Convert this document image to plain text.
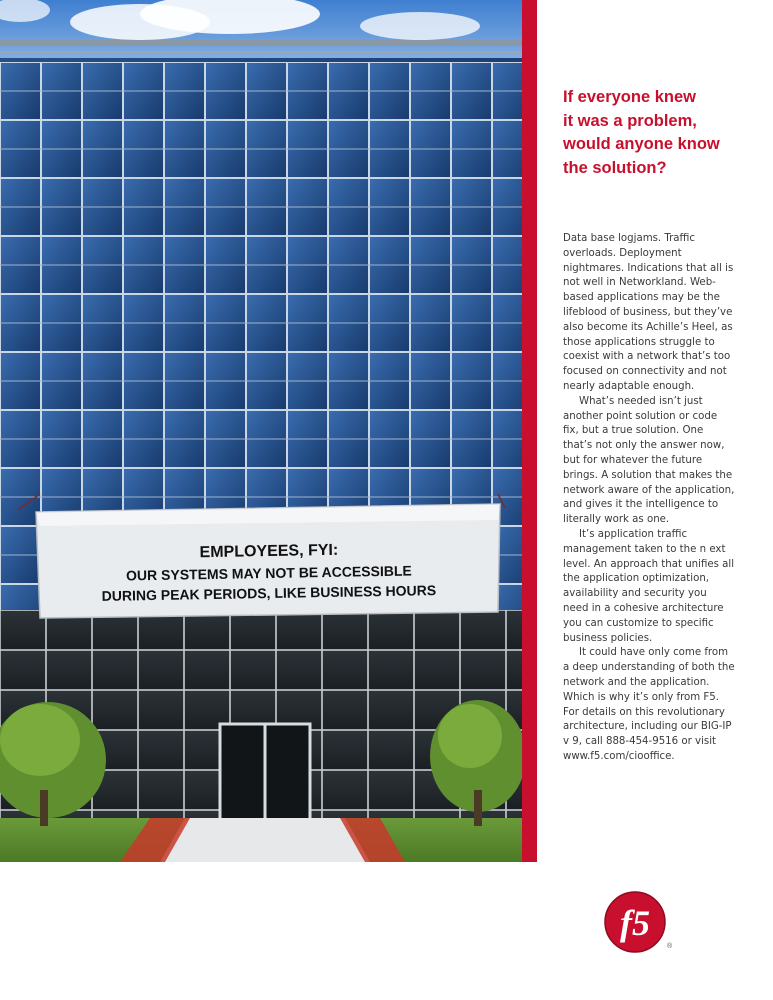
EMPLOYEES, FYI:
OUR SYSTEMS MAY NOT BE ACCESSIBLE
DURING PEAK PERIODS, LIKE BUSINESS HOURS
If everyone knew
it was a problem,
would anyone know
the solution?

Data base logjams. Traffic overloads. Deployment nightmares. Indications that all is not well in Networkland. Web-based applications may be the lifeblood of business, but they’ve also become its Achille’s Heel, as those applications struggle to coexist with a network that’s too focused on connectivity and not nearly adaptable enough.

What’s needed isn’t just another point solution or code fix, but a true solution. One that’s not only the answer now, but for whatever the future brings. A solution that makes the network aware of the application, and gives it the intelligence to literally work as one.

It’s application traffic management taken to the n ext level. An approach that unifies all the application optimization, availability and security you need in a cohesive architecture you can customize to specific business policies.

It could have only come from a deep understanding of both the network and the application. Which is why it’s only from F5. For details on this revolutionary architecture, including our BIG-IP v 9, call 888-454-9516 or visit www.f5.com/ciooffice.

f5
®
